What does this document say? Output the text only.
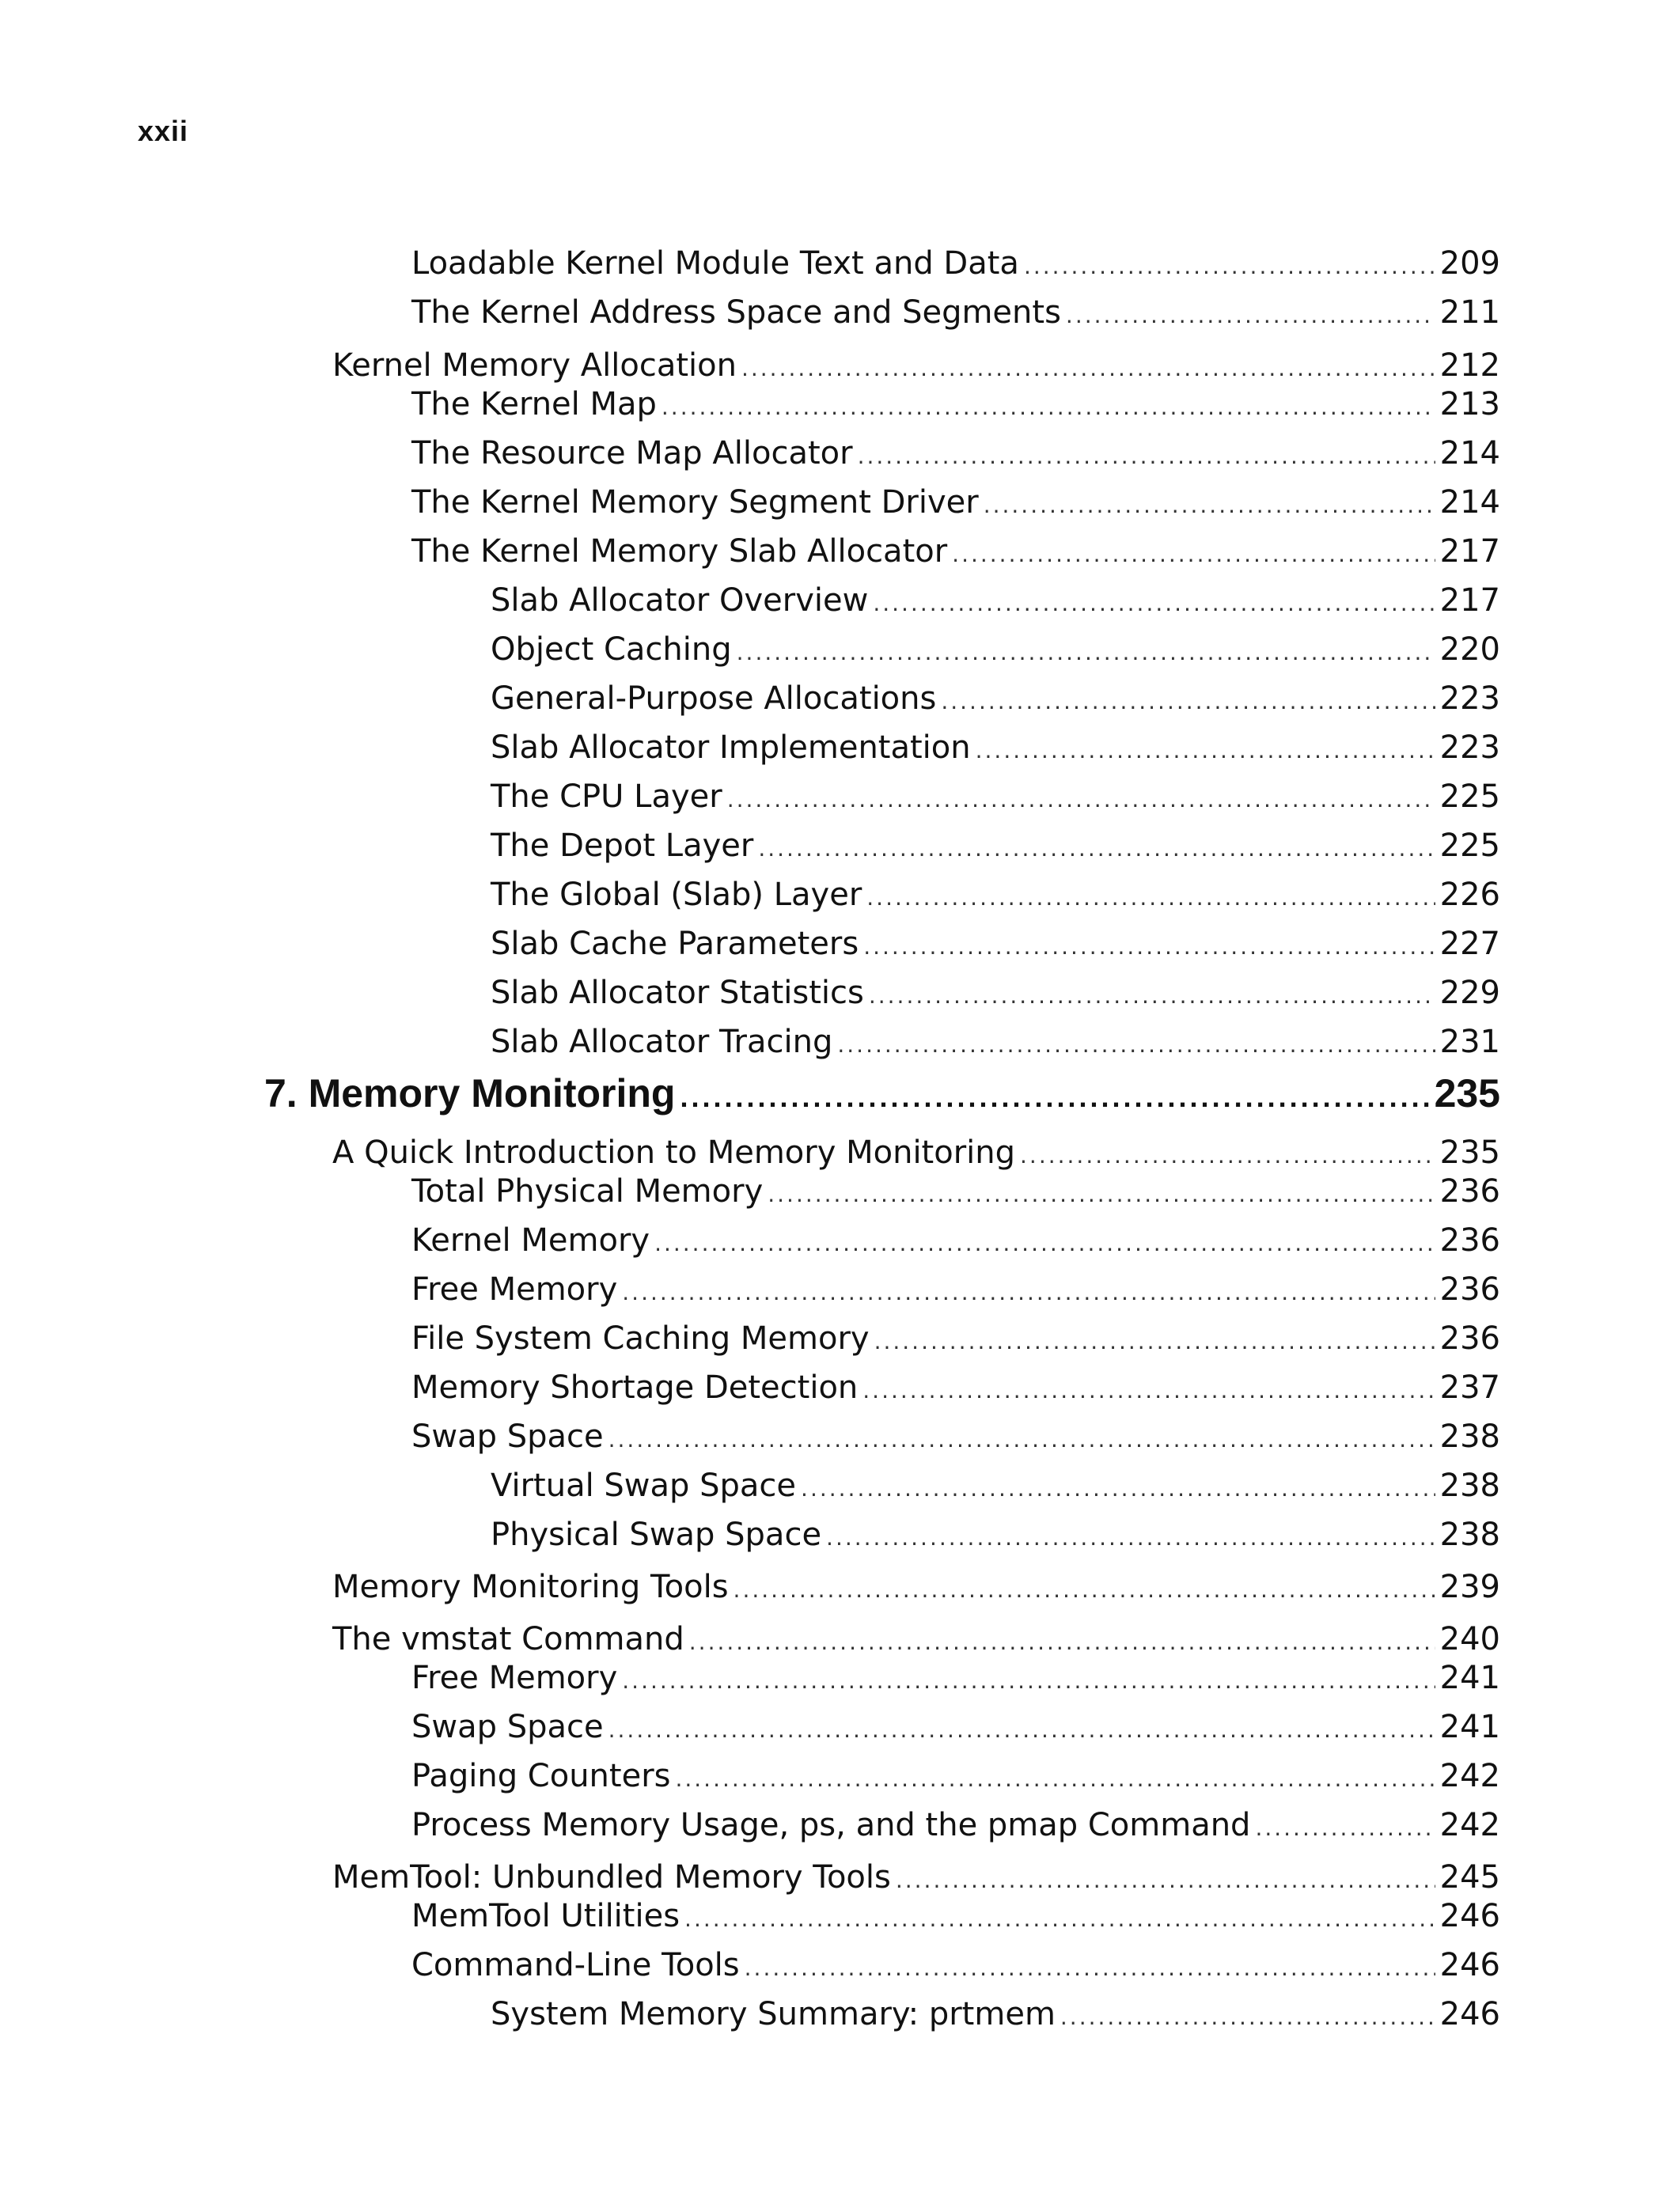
xxii
Loadable Kernel Module Text and Data .....	209
The Kernel Address Space and Segments .....	211
Kernel Memory Allocation .....	212
The Kernel Map .....	213
The Resource Map Allocator .....	214
The Kernel Memory Segment Driver .....	214
The Kernel Memory Slab Allocator .....	217
Slab Allocator Overview .....	217
Object Caching .....	220
General-Purpose Allocations .....	223
Slab Allocator Implementation .....	223
The CPU Layer .....	225
The Depot Layer .....	225
The Global (Slab) Layer .....	226
Slab Cache Parameters .....	227
Slab Allocator Statistics .....	229
Slab Allocator Tracing .....	231
7. Memory Monitoring .....	235
A Quick Introduction to Memory Monitoring .....	235
Total Physical Memory .....	236
Kernel Memory .....	236
Free Memory .....	236
File System Caching Memory .....	236
Memory Shortage Detection .....	237
Swap Space .....	238
Virtual Swap Space .....	238
Physical Swap Space .....	238
Memory Monitoring Tools .....	239
The vmstat Command .....	240
Free Memory .....	241
Swap Space .....	241
Paging Counters .....	242
Process Memory Usage, ps, and the pmap Command .....	242
MemTool: Unbundled Memory Tools .....	245
MemTool Utilities .....	246
Command-Line Tools .....	246
System Memory Summary: prtmem .....	246
